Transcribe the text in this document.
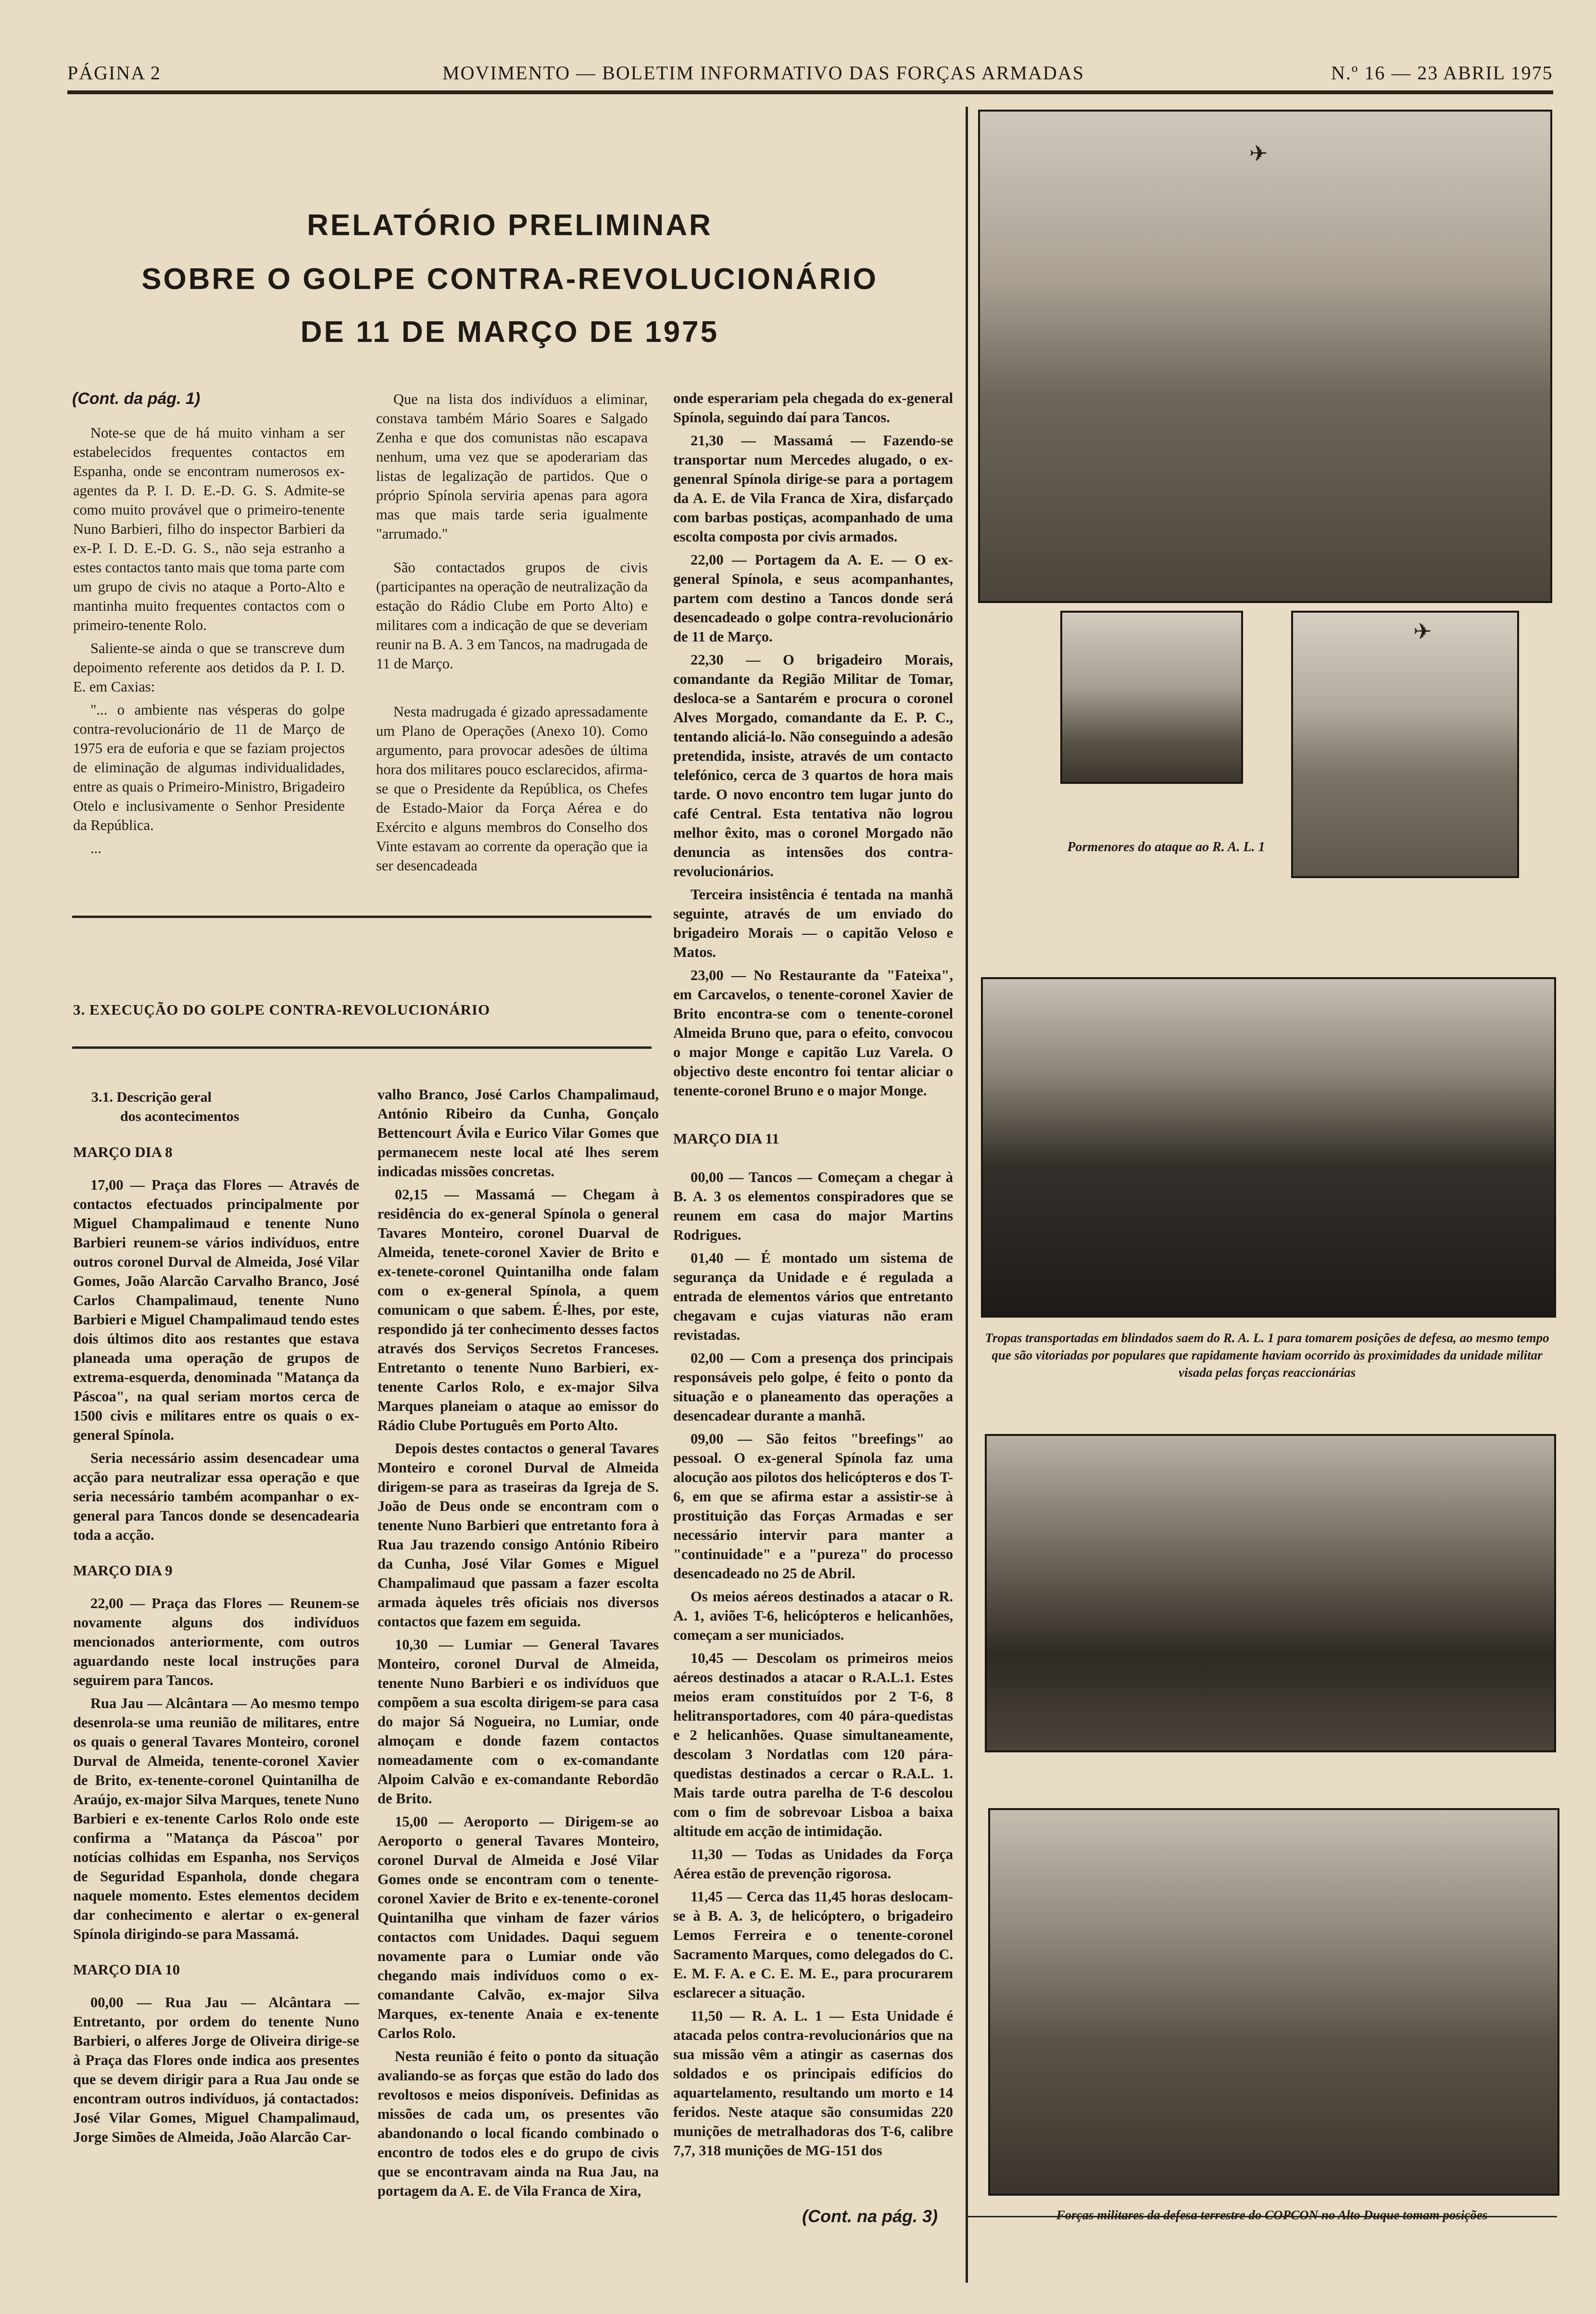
PÁGINA 2	MOVIMENTO — BOLETIM INFORMATIVO DAS FORÇAS ARMADAS	N.º 16 — 23 ABRIL 1975
RELATÓRIO PRELIMINAR
SOBRE O GOLPE CONTRA-REVOLUCIONÁRIO
DE 11 DE MARÇO DE 1975
(Cont. da pág. 1)

Note-se que de há muito vinham a ser estabelecidos frequentes contactos em Espanha, onde se encontram numerosos ex-agentes da P. I. D. E.-D. G. S. Admite-se como muito provável que o primeiro-tenente Nuno Barbieri, filho do inspector Barbieri da ex-P. I. D. E.-D. G. S., não seja estranho a estes contactos tanto mais que toma parte com um grupo de civis no ataque a Porto-Alto e mantinha muito frequentes contactos com o primeiro-tenente Rolo.

Saliente-se ainda o que se transcreve dum depoimento referente aos detidos da P. I. D. E. em Caxias:

"... o ambiente nas vésperas do golpe contra-revolucionário de 11 de Março de 1975 era de euforia e que se faziam projectos de eliminação de algumas individualidades, entre as quais o Primeiro-Ministro, Brigadeiro Otelo e inclusivamente o Senhor Presidente da República.

...

Que na lista dos indivíduos a eliminar, constava também Mário Soares e Salgado Zenha e que dos comunistas não escapava nenhum, uma vez que se apoderariam das listas de legalização de partidos. Que o próprio Spínola serviria apenas para agora mas que mais tarde seria igualmente "arrumado."

São contactados grupos de civis (participantes na operação de neutralização da estação do Rádio Clube em Porto Alto) e militares com a indicação de que se deveriam reunir na B. A. 3 em Tancos, na madrugada de 11 de Março.

Nesta madrugada é gizado apressadamente um Plano de Operações (Anexo 10). Como argumento, para provocar adesões de última hora dos militares pouco esclarecidos, afirma-se que o Presidente da República, os Chefes de Estado-Maior da Força Aérea e do Exército e alguns membros do Conselho dos Vinte estavam ao corrente da operação que ia ser desencadeada

3. EXECUÇÃO DO GOLPE CONTRA-REVOLUCIONÁRIO
3.1. Descrição geral
dos acontecimentos
MARÇO DIA 8

17,00 — Praça das Flores — Através de contactos efectuados principalmente por Miguel Champalimaud e tenente Nuno Barbieri reunem-se vários indivíduos, entre outros coronel Durval de Almeida, José Vilar Gomes, João Alarcão Carvalho Branco, José Carlos Champalimaud, tenente Nuno Barbieri e Miguel Champalimaud tendo estes dois últimos dito aos restantes que estava planeada uma operação de grupos de extrema-esquerda, denominada "Matança da Páscoa", na qual seriam mortos cerca de 1500 civis e militares entre os quais o ex-general Spínola.

Seria necessário assim desencadear uma acção para neutralizar essa operação e que seria necessário também acompanhar o ex-general para Tancos donde se desencadearia toda a acção.

MARÇO DIA 9

22,00 — Praça das Flores — Reunem-se novamente alguns dos indivíduos mencionados anteriormente, com outros aguardando neste local instruções para seguirem para Tancos.

Rua Jau — Alcântara — Ao mesmo tempo desenrola-se uma reunião de militares, entre os quais o general Tavares Monteiro, coronel Durval de Almeida, tenente-coronel Xavier de Brito, ex-tenente-coronel Quintanilha de Araújo, ex-major Silva Marques, tenete Nuno Barbieri e ex-tenente Carlos Rolo onde este confirma a "Matança da Páscoa" por notícias colhidas em Espanha, nos Serviços de Seguridad Espanhola, donde chegara naquele momento. Estes elementos decidem dar conhecimento e alertar o ex-general Spínola dirigindo-se para Massamá.

MARÇO DIA 10

00,00 — Rua Jau — Alcântara — Entretanto, por ordem do tenente Nuno Barbieri, o alferes Jorge de Oliveira dirige-se à Praça das Flores onde indica aos presentes que se devem dirigir para a Rua Jau onde se encontram outros indivíduos, já contactados: José Vilar Gomes, Miguel Champalimaud, Jorge Simões de Almeida, João Alarcão Car-

valho Branco, José Carlos Champalimaud, António Ribeiro da Cunha, Gonçalo Bettencourt Ávila e Eurico Vilar Gomes que permanecem neste local até lhes serem indicadas missões concretas.

02,15 — Massamá — Chegam à residência do ex-general Spínola o general Tavares Monteiro, coronel Duarval de Almeida, tenete-coronel Xavier de Brito e ex-tenete-coronel Quintanilha onde falam com o ex-general Spínola, a quem comunicam o que sabem. É-lhes, por este, respondido já ter conhecimento desses factos através dos Serviços Secretos Franceses. Entretanto o tenente Nuno Barbieri, ex-tenente Carlos Rolo, e ex-major Silva Marques planeiam o ataque ao emissor do Rádio Clube Português em Porto Alto.

Depois destes contactos o general Tavares Monteiro e coronel Durval de Almeida dirigem-se para as traseiras da Igreja de S. João de Deus onde se encontram com o tenente Nuno Barbieri que entretanto fora à Rua Jau trazendo consigo António Ribeiro da Cunha, José Vilar Gomes e Miguel Champalimaud que passam a fazer escolta armada àqueles três oficiais nos diversos contactos que fazem em seguida.

10,30 — Lumiar — General Tavares Monteiro, coronel Durval de Almeida, tenente Nuno Barbieri e os indivíduos que compõem a sua escolta dirigem-se para casa do major Sá Nogueira, no Lumiar, onde almoçam e donde fazem contactos nomeadamente com o ex-comandante Alpoim Calvão e ex-comandante Rebordão de Brito.

15,00 — Aeroporto — Dirigem-se ao Aeroporto o general Tavares Monteiro, coronel Durval de Almeida e José Vilar Gomes onde se encontram com o tenente-coronel Xavier de Brito e ex-tenente-coronel Quintanilha que vinham de fazer vários contactos com Unidades. Daqui seguem novamente para o Lumiar onde vão chegando mais indivíduos como o ex-comandante Calvão, ex-major Silva Marques, ex-tenente Anaia e ex-tenente Carlos Rolo.

Nesta reunião é feito o ponto da situação avaliando-se as forças que estão do lado dos revoltosos e meios disponíveis. Definidas as missões de cada um, os presentes vão abandonando o local ficando combinado o encontro de todos eles e do grupo de civis que se encontravam ainda na Rua Jau, na portagem da A. E. de Vila Franca de Xira,

onde esperariam pela chegada do ex-general Spínola, seguindo daí para Tancos.

21,30 — Massamá — Fazendo-se transportar num Mercedes alugado, o ex-genenral Spínola dirige-se para a portagem da A. E. de Vila Franca de Xira, disfarçado com barbas postiças, acompanhado de uma escolta composta por civis armados.

22,00 — Portagem da A. E. — O ex-general Spínola, e seus acompanhantes, partem com destino a Tancos donde será desencadeado o golpe contra-revolucionário de 11 de Março.

22,30 — O brigadeiro Morais, comandante da Região Militar de Tomar, desloca-se a Santarém e procura o coronel Alves Morgado, comandante da E. P. C., tentando aliciá-lo. Não conseguindo a adesão pretendida, insiste, através de um contacto telefónico, cerca de 3 quartos de hora mais tarde. O novo encontro tem lugar junto do café Central. Esta tentativa não logrou melhor êxito, mas o coronel Morgado não denuncia as intensões dos contra-revolucionários.

Terceira insistência é tentada na manhã seguinte, através de um enviado do brigadeiro Morais — o capitão Veloso e Matos.

23,00 — No Restaurante da "Fateixa", em Carcavelos, o tenente-coronel Xavier de Brito encontra-se com o tenente-coronel Almeida Bruno que, para o efeito, convocou o major Monge e capitão Luz Varela. O objectivo deste encontro foi tentar aliciar o tenente-coronel Bruno e o major Monge.

MARÇO DIA 11

00,00 — Tancos — Começam a chegar à B. A. 3 os elementos conspiradores que se reunem em casa do major Martins Rodrigues.

01,40 — É montado um sistema de segurança da Unidade e é regulada a entrada de elementos vários que entretanto chegavam e cujas viaturas não eram revistadas.

02,00 — Com a presença dos principais responsáveis pelo golpe, é feito o ponto da situação e o planeamento das operações a desencadear durante a manhã.

09,00 — São feitos "breefings" ao pessoal. O ex-general Spínola faz uma alocução aos pilotos dos helicópteros e dos T-6, em que se afirma estar a assistir-se à prostituição das Forças Armadas e ser necessário intervir para manter a "continuidade" e a "pureza" do processo desencadeado no 25 de Abril.

Os meios aéreos destinados a atacar o R. A. 1, aviões T-6, helicópteros e helicanhões, começam a ser municiados.

10,45 — Descolam os primeiros meios aéreos destinados a atacar o R.A.L.1. Estes meios eram constituídos por 2 T-6, 8 helitransportadores, com 40 pára-quedistas e 2 helicanhões. Quase simultaneamente, descolam 3 Nordatlas com 120 pára-quedistas destinados a cercar o R.A.L. 1. Mais tarde outra parelha de T-6 descolou com o fim de sobrevoar Lisboa a baixa altitude em acção de intimidação.

11,30 — Todas as Unidades da Força Aérea estão de prevenção rigorosa.

11,45 — Cerca das 11,45 horas deslocam-se à B. A. 3, de helicóptero, o brigadeiro Lemos Ferreira e o tenente-coronel Sacramento Marques, como delegados do C. E. M. F. A. e C. E. M. E., para procurarem esclarecer a situação.

11,50 — R. A. L. 1 — Esta Unidade é atacada pelos contra-revolucionários que na sua missão vêm a atingir as casernas dos soldados e os principais edifícios do aquartelamento, resultando um morto e 14 feridos. Neste ataque são consumidas 220 munições de metralhadoras dos T-6, calibre 7,7, 318 munições de MG-151 dos

(Cont. na pág. 3)
✈
✈
Pormenores do ataque ao R. A. L. 1
Tropas transportadas em blindados saem do R. A. L. 1 para tomarem posições de defesa, ao mesmo tempo que são vitoriadas por populares que rapidamente haviam ocorrido às proximidades da unidade militar visada pelas forças reaccionárias
Forças militares da defesa terrestre do COPCON no Alto Duque tomam posições
